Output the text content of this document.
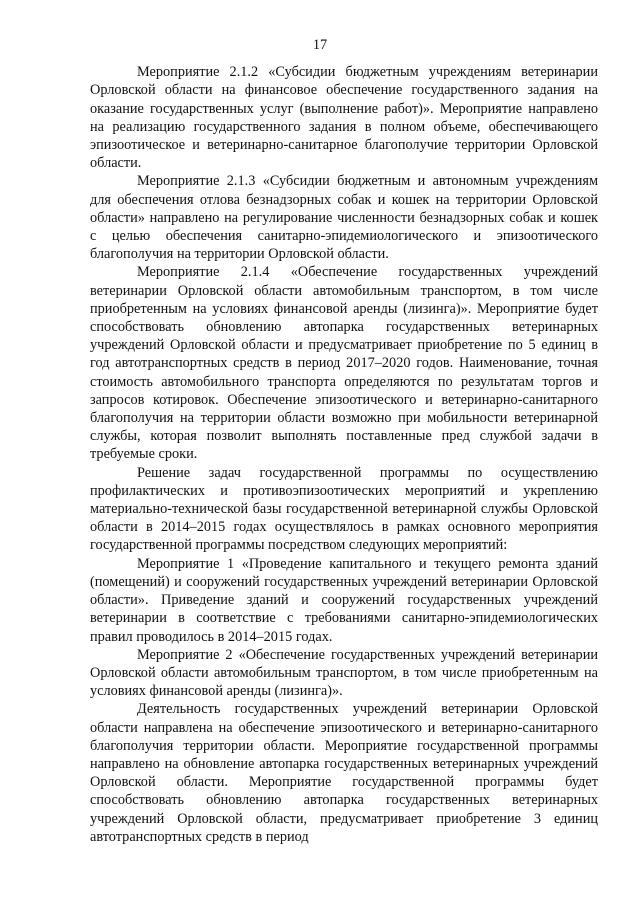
17

Мероприятие 2.1.2 «Субсидии бюджетным учреждениям ветеринарии Орловской области на финансовое обеспечение государственного задания на оказание государственных услуг (выполнение работ)». Мероприятие направлено на реализацию государственного задания в полном объеме, обеспечивающего эпизоотическое и ветеринарно-санитарное благополучие территории Орловской области.

Мероприятие 2.1.3 «Субсидии бюджетным и автономным учреждениям для обеспечения отлова безнадзорных собак и кошек на территории Орловской области» направлено на регулирование численности безнадзорных собак и кошек с целью обеспечения санитарно-эпидемиологического и эпизоотического благополучия на территории Орловской области.

Мероприятие 2.1.4 «Обеспечение государственных учреждений ветеринарии Орловской области автомобильным транспортом, в том числе приобретенным на условиях финансовой аренды (лизинга)». Мероприятие будет способствовать обновлению автопарка государственных ветеринарных учреждений Орловской области и предусматривает приобретение по 5 единиц в год автотранспортных средств в период 2017–2020 годов. Наименование, точная стоимость автомобильного транспорта определяются по результатам торгов и запросов котировок. Обеспечение эпизоотического и ветеринарно-санитарного благополучия на территории области возможно при мобильности ветеринарной службы, которая позволит выполнять поставленные пред службой задачи в требуемые сроки.

Решение задач государственной программы по осуществлению профилактических и противоэпизоотических мероприятий и укреплению материально-технической базы государственной ветеринарной службы Орловской области в 2014–2015 годах осуществлялось в рамках основного мероприятия государственной программы посредством следующих мероприятий:

Мероприятие 1 «Проведение капитального и текущего ремонта зданий (помещений) и сооружений государственных учреждений ветеринарии Орловской области». Приведение зданий и сооружений государственных учреждений ветеринарии в соответствие с требованиями санитарно-эпидемиологических правил проводилось в 2014–2015 годах.

Мероприятие 2 «Обеспечение государственных учреждений ветеринарии Орловской области автомобильным транспортом, в том числе приобретенным на условиях финансовой аренды (лизинга)».

Деятельность государственных учреждений ветеринарии Орловской области направлена на обеспечение эпизоотического и ветеринарно-санитарного благополучия территории области. Мероприятие государственной программы направлено на обновление автопарка государственных ветеринарных учреждений Орловской области. Мероприятие государственной программы будет способствовать обновлению автопарка государственных ветеринарных учреждений Орловской области, предусматривает приобретение 3 единиц автотранспортных средств в период
